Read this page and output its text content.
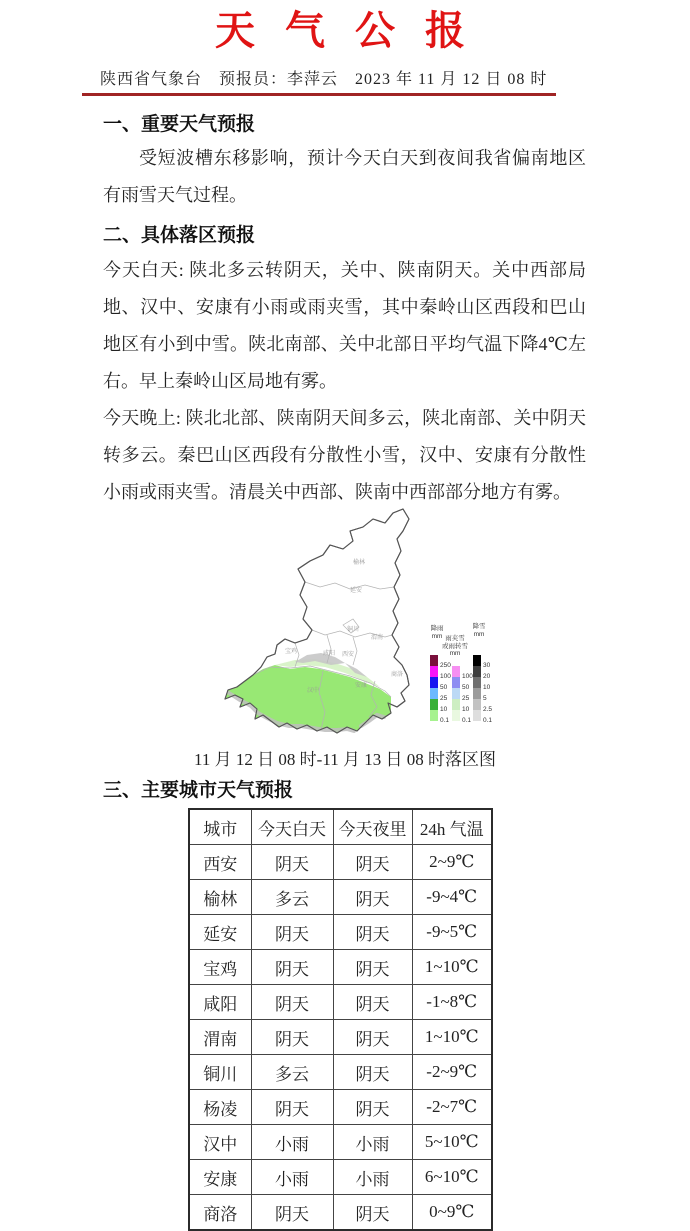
天 气 公 报
陕西省气象台　预报员：李萍云　2023 年 11 月 12 日 08 时
一、重要天气预报

受短波槽东移影响，预计今天白天到夜间我省偏南地区有雨雪天气过程。

二、具体落区预报

今天白天: 陕北多云转阴天，关中、陕南阴天。关中西部局地、汉中、安康有小雨或雨夹雪，其中秦岭山区西段和巴山地区有小到中雪。陕北南部、关中北部日平均气温下降4℃左右。早上秦岭山区局地有雾。

今天晚上: 陕北北部、陕南阴天间多云，陕北南部、关中阴天转多云。秦巴山区西段有分散性小雪，汉中、安康有分散性小雨或雨夹雪。清晨关中西部、陕南中西部部分地方有雾。

榆林
延安
铜川
渭南
咸阳 西安
宝鸡
汉中
安康
商洛
降雨
mm 雨夹雪
或雨转雪
mm
降雪
mm
250
100
50
25
10
0.1
100
50
25
10
0.1
30
20
10
5
2.5
0.1

11 月 12 日 08 时-11 月 13 日 08 时落区图

三、主要城市天气预报
城市	今天白天	今天夜里	24h 气温
西安	阴天	阴天	2~9℃
榆林	多云	阴天	-9~4℃
延安	阴天	阴天	-9~5℃
宝鸡	阴天	阴天	1~10℃
咸阳	阴天	阴天	-1~8℃
渭南	阴天	阴天	1~10℃
铜川	多云	阴天	-2~9℃
杨凌	阴天	阴天	-2~7℃
汉中	小雨	小雨	5~10℃
安康	小雨	小雨	6~10℃
商洛	阴天	阴天	0~9℃
